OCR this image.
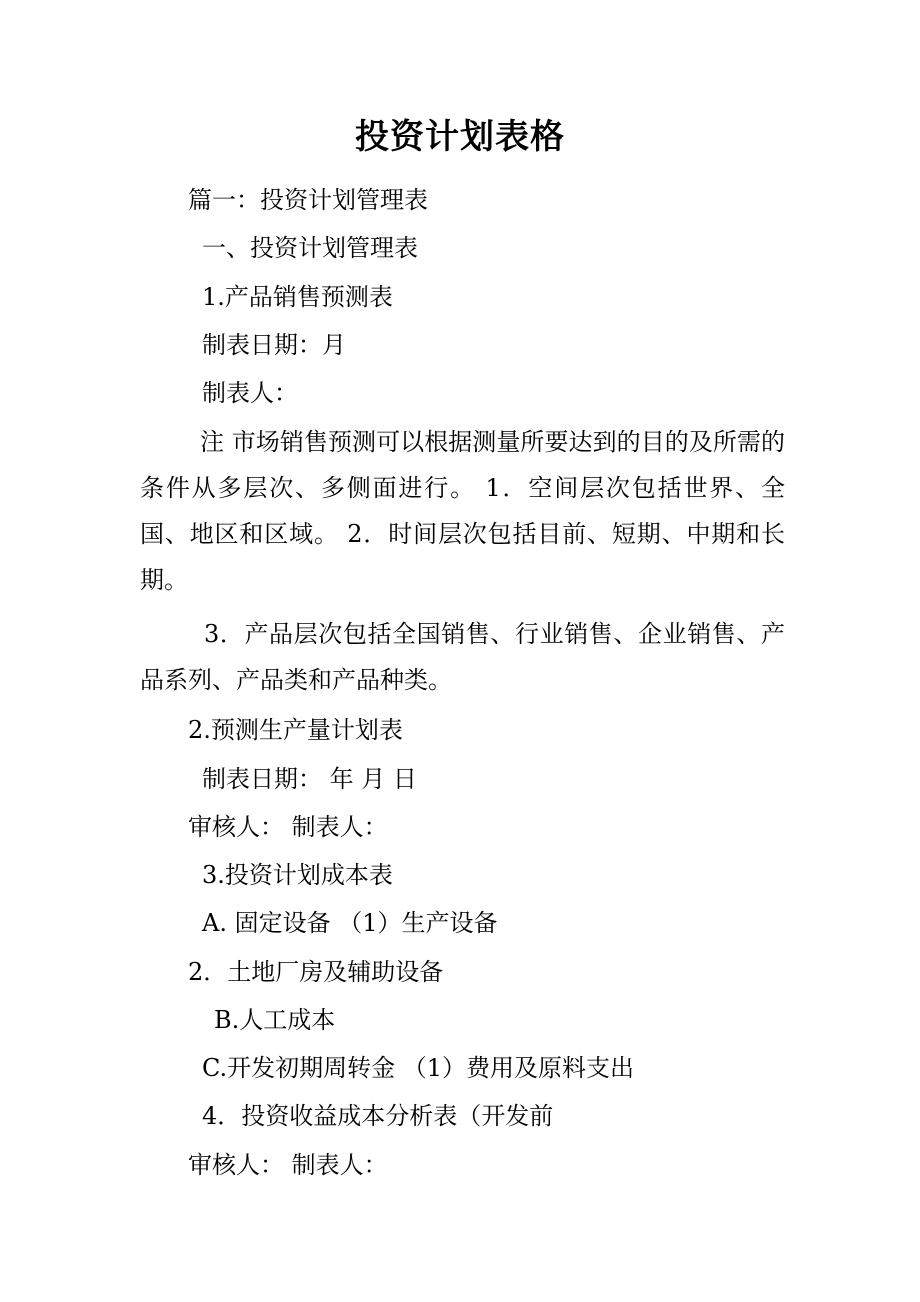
投资计划表格
篇一：投资计划管理表
一、投资计划管理表
1.产品销售预测表
制表日期：月
制表人：
注 市场销售预测可以根据测量所要达到的目的及所需的条件从多层次、多侧面进行。 1．空间层次包括世界、全国、地区和区域。 2．时间层次包括目前、短期、中期和长期。
3．产品层次包括全国销售、行业销售、企业销售、产品系列、产品类和产品种类。
2.预测生产量计划表
制表日期： 年 月 日
审核人： 制表人：
3.投资计划成本表
A. 固定设备 （1）生产设备
2．土地厂房及辅助设备
B.人工成本
C.开发初期周转金 （1）费用及原料支出
4．投资收益成本分析表（开发前
审核人： 制表人：
